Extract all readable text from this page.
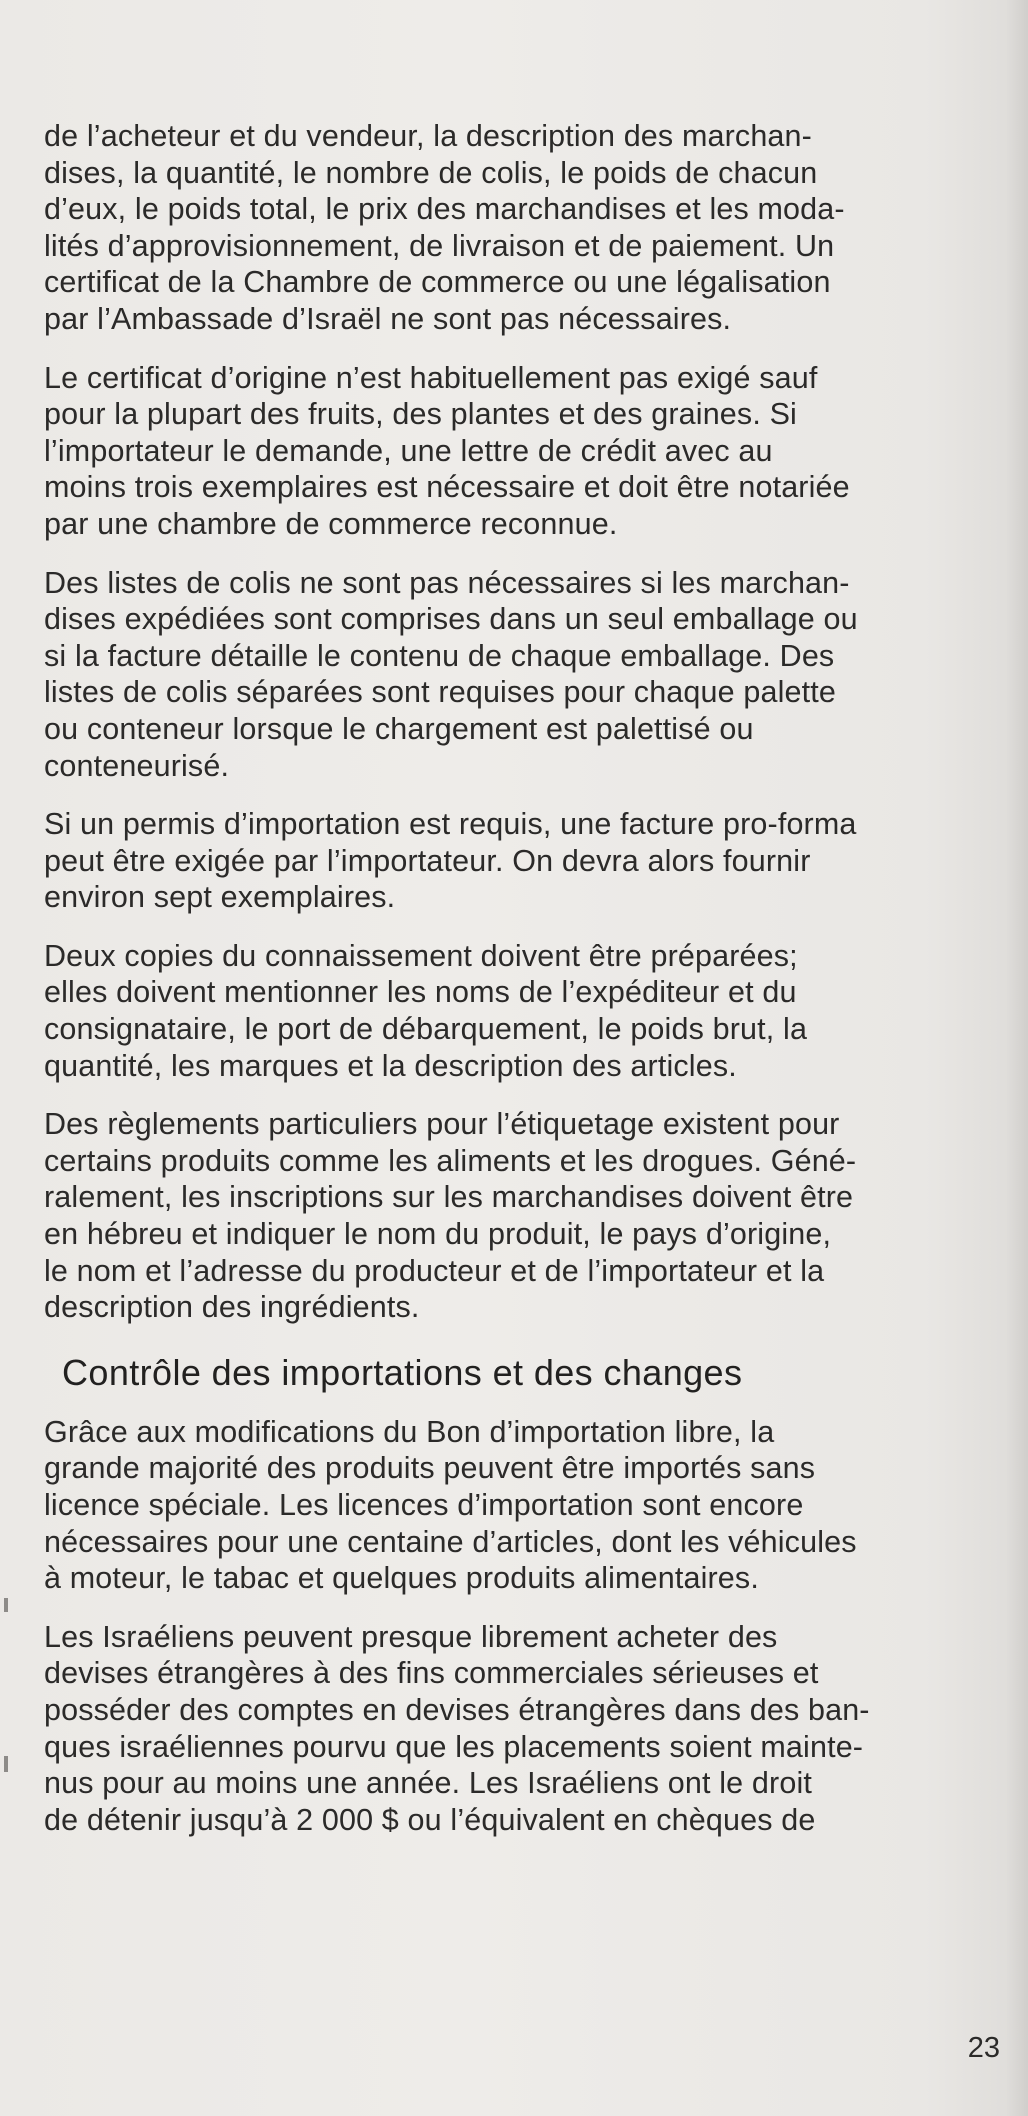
de l’acheteur et du vendeur, la description des marchan-
dises, la quantité, le nombre de colis, le poids de chacun
d’eux, le poids total, le prix des marchandises et les moda-
lités d’approvisionnement, de livraison et de paiement. Un
certificat de la Chambre de commerce ou une légalisation
par l’Ambassade d’Israël ne sont pas nécessaires.

Le certificat d’origine n’est habituellement pas exigé sauf
pour la plupart des fruits, des plantes et des graines. Si
l’importateur le demande, une lettre de crédit avec au
moins trois exemplaires est nécessaire et doit être notariée
par une chambre de commerce reconnue.

Des listes de colis ne sont pas nécessaires si les marchan-
dises expédiées sont comprises dans un seul emballage ou
si la facture détaille le contenu de chaque emballage. Des
listes de colis séparées sont requises pour chaque palette
ou conteneur lorsque le chargement est palettisé ou
conteneurisé.

Si un permis d’importation est requis, une facture pro-forma
peut être exigée par l’importateur. On devra alors fournir
environ sept exemplaires.

Deux copies du connaissement doivent être préparées;
elles doivent mentionner les noms de l’expéditeur et du
consignataire, le port de débarquement, le poids brut, la
quantité, les marques et la description des articles.

Des règlements particuliers pour l’étiquetage existent pour
certains produits comme les aliments et les drogues. Géné-
ralement, les inscriptions sur les marchandises doivent être
en hébreu et indiquer le nom du produit, le pays d’origine,
le nom et l’adresse du producteur et de l’importateur et la
description des ingrédients.

Contrôle des importations et des changes

Grâce aux modifications du Bon d’importation libre, la
grande majorité des produits peuvent être importés sans
licence spéciale. Les licences d’importation sont encore
nécessaires pour une centaine d’articles, dont les véhicules
à moteur, le tabac et quelques produits alimentaires.

Les Israéliens peuvent presque librement acheter des
devises étrangères à des fins commerciales sérieuses et
posséder des comptes en devises étrangères dans des ban-
ques israéliennes pourvu que les placements soient mainte-
nus pour au moins une année. Les Israéliens ont le droit
de détenir jusqu’à 2 000 $ ou l’équivalent en chèques de

23
